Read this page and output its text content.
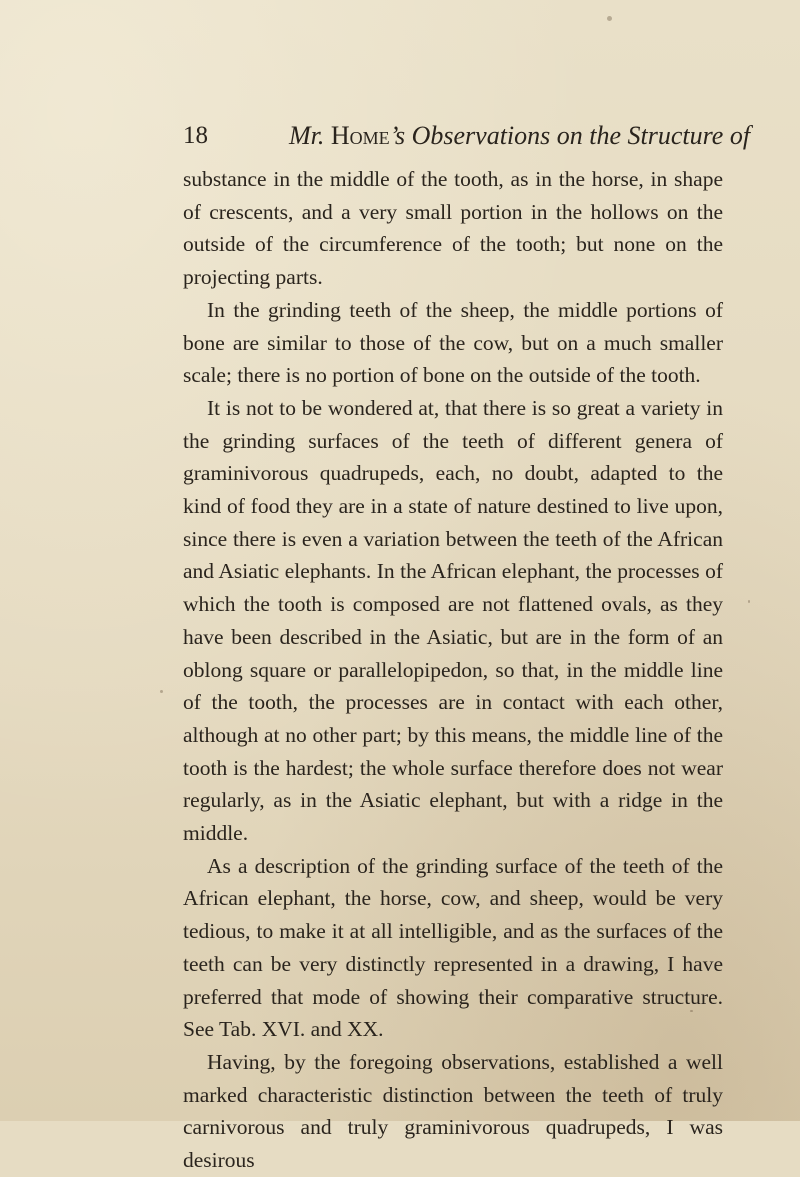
18	Mr. Home’s Observations on the Structure of

substance in the middle of the tooth, as in the horse, in shape of crescents, and a very small portion in the hollows on the outside of the circumference of the tooth; but none on the projecting parts.

In the grinding teeth of the sheep, the middle portions of bone are similar to those of the cow, but on a much smaller scale; there is no portion of bone on the outside of the tooth.

It is not to be wondered at, that there is so great a variety in the grinding surfaces of the teeth of different genera of graminivorous quadrupeds, each, no doubt, adapted to the kind of food they are in a state of nature destined to live upon, since there is even a variation between the teeth of the African and Asiatic elephants. In the African elephant, the processes of which the tooth is composed are not flattened ovals, as they have been described in the Asiatic, but are in the form of an oblong square or parallelopipedon, so that, in the middle line of the tooth, the processes are in contact with each other, although at no other part; by this means, the middle line of the tooth is the hardest; the whole surface therefore does not wear regularly, as in the Asiatic elephant, but with a ridge in the middle.

As a description of the grinding surface of the teeth of the African elephant, the horse, cow, and sheep, would be very tedious, to make it at all intelligible, and as the surfaces of the teeth can be very distinctly represented in a drawing, I have preferred that mode of showing their comparative structure. See Tab. XVI. and XX.

Having, by the foregoing observations, established a well marked characteristic distinction between the teeth of truly carnivorous and truly graminivorous quadrupeds, I was desirous
